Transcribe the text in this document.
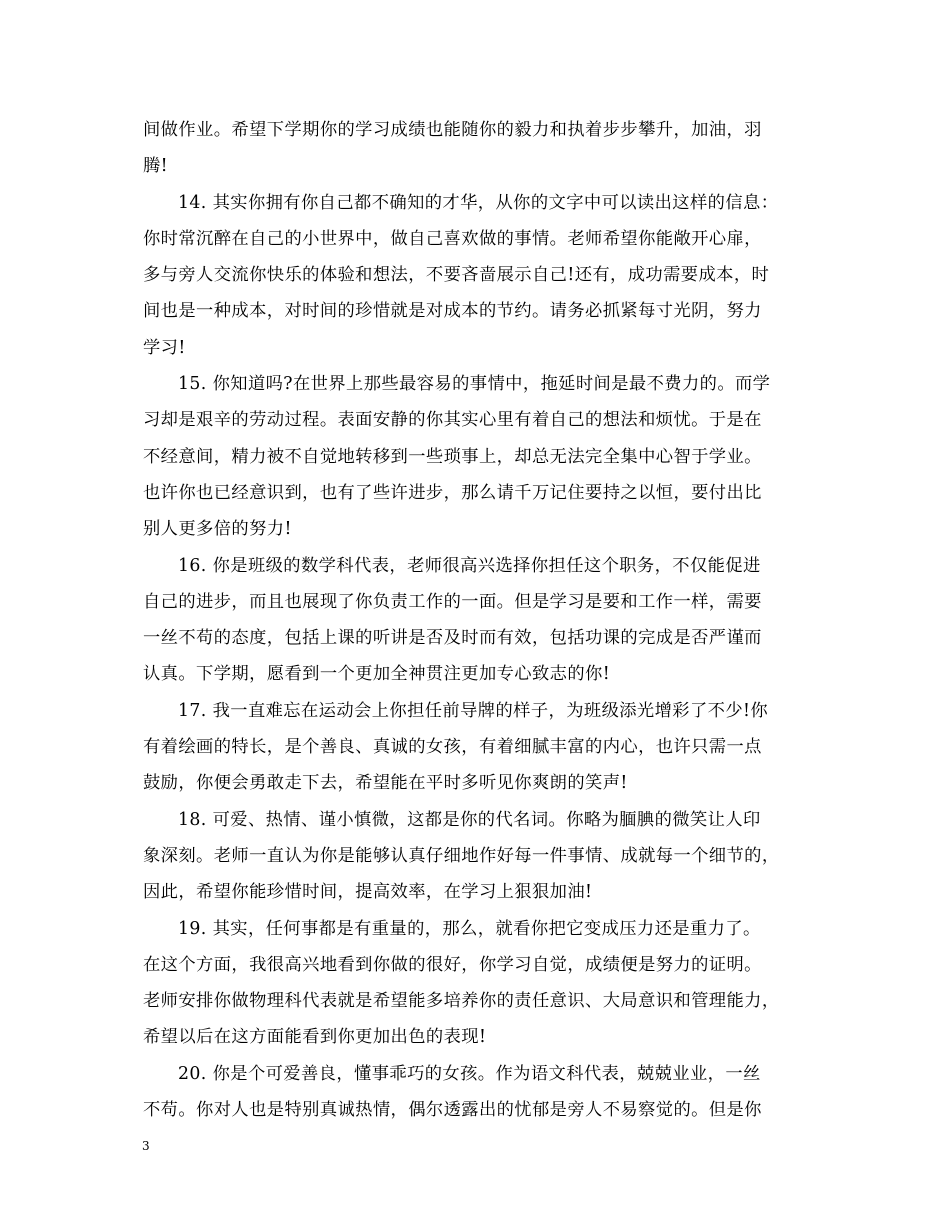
间做作业。希望下学期你的学习成绩也能随你的毅力和执着步步攀升，加油，羽
腾!
14. 其实你拥有你自己都不确知的才华，从你的文字中可以读出这样的信息：
你时常沉醉在自己的小世界中，做自己喜欢做的事情。老师希望你能敞开心扉，
多与旁人交流你快乐的体验和想法，不要吝啬展示自己!还有，成功需要成本，时
间也是一种成本，对时间的珍惜就是对成本的节约。请务必抓紧每寸光阴，努力
学习!
15. 你知道吗?在世界上那些最容易的事情中，拖延时间是最不费力的。而学
习却是艰辛的劳动过程。表面安静的你其实心里有着自己的想法和烦忧。于是在
不经意间，精力被不自觉地转移到一些琐事上，却总无法完全集中心智于学业。
也许你也已经意识到，也有了些许进步，那么请千万记住要持之以恒，要付出比
别人更多倍的努力!
16. 你是班级的数学科代表，老师很高兴选择你担任这个职务，不仅能促进
自己的进步，而且也展现了你负责工作的一面。但是学习是要和工作一样，需要
一丝不苟的态度，包括上课的听讲是否及时而有效，包括功课的完成是否严谨而
认真。下学期，愿看到一个更加全神贯注更加专心致志的你!
17. 我一直难忘在运动会上你担任前导牌的样子，为班级添光增彩了不少!你
有着绘画的特长，是个善良、真诚的女孩，有着细腻丰富的内心，也许只需一点
鼓励，你便会勇敢走下去，希望能在平时多听见你爽朗的笑声!
18. 可爱、热情、谨小慎微，这都是你的代名词。你略为腼腆的微笑让人印
象深刻。老师一直认为你是能够认真仔细地作好每一件事情、成就每一个细节的，
因此，希望你能珍惜时间，提高效率，在学习上狠狠加油!
19. 其实，任何事都是有重量的，那么，就看你把它变成压力还是重力了。
在这个方面，我很高兴地看到你做的很好，你学习自觉，成绩便是努力的证明。
老师安排你做物理科代表就是希望能多培养你的责任意识、大局意识和管理能力，
希望以后在这方面能看到你更加出色的表现!
20. 你是个可爱善良，懂事乖巧的女孩。作为语文科代表，兢兢业业，一丝
不苟。你对人也是特别真诚热情，偶尔透露出的忧郁是旁人不易察觉的。但是你
3
